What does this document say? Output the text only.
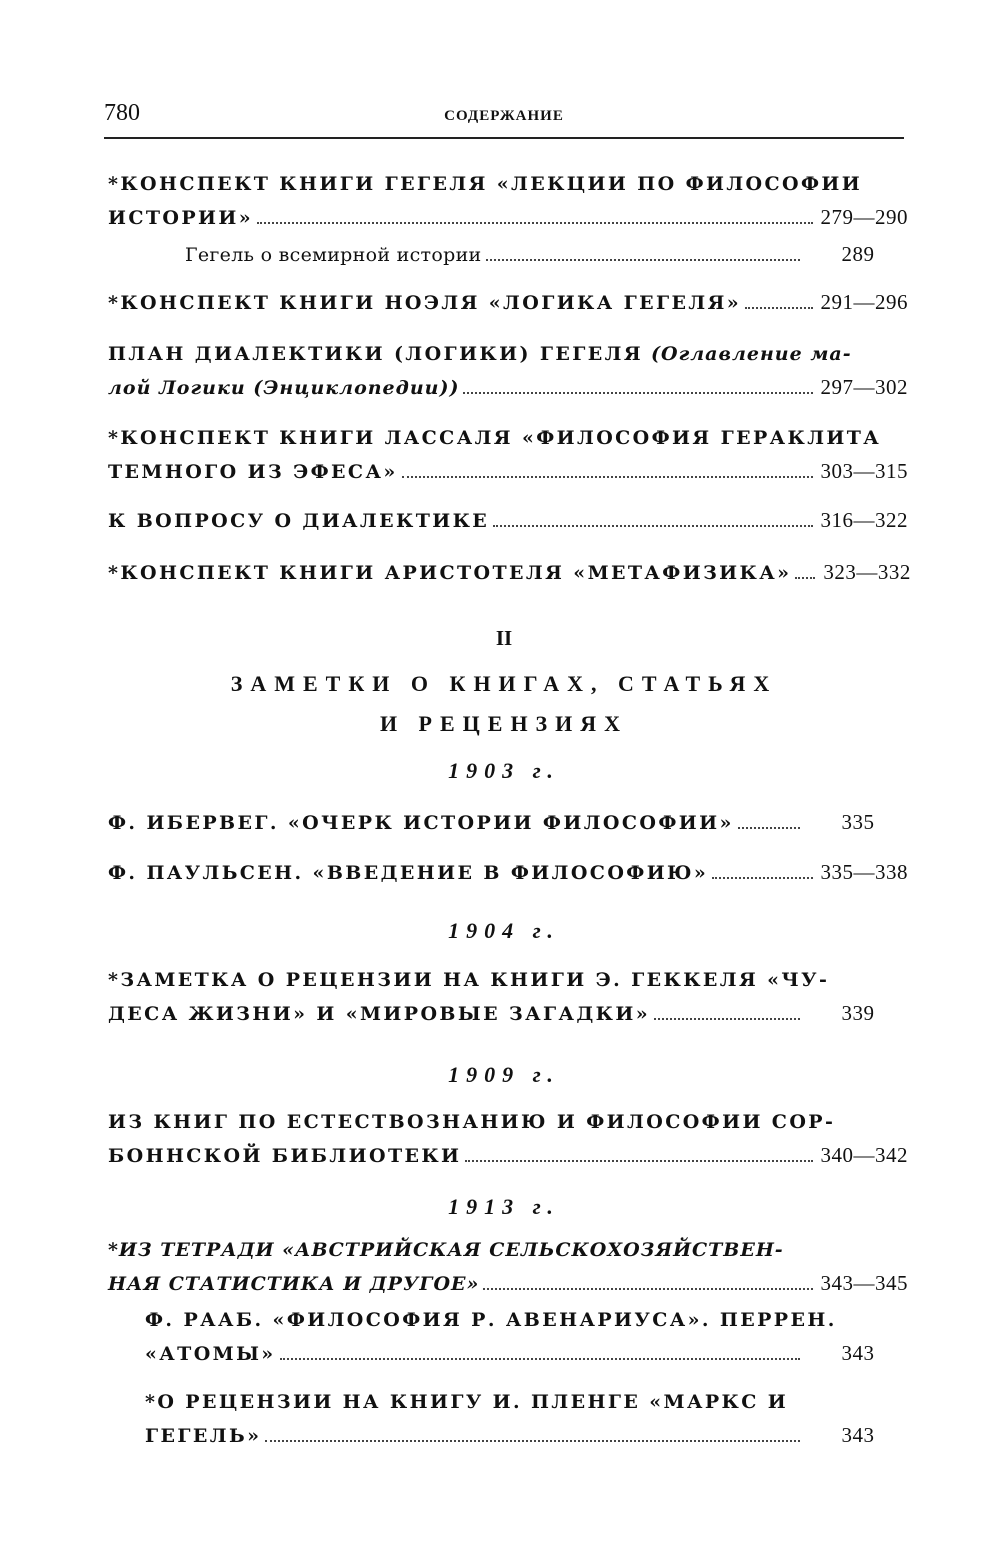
780	СОДЕРЖАНИЕ
*КОНСПЕКТ КНИГИ ГЕГЕЛЯ «ЛЕКЦИИ ПО ФИЛОСОФИИ
ИСТОРИИ»	279—290
Гегель о всемирной истории	289
*КОНСПЕКТ КНИГИ НОЭЛЯ «ЛОГИКА ГЕГЕЛЯ»	291—296
ПЛАН ДИАЛЕКТИКИ (ЛОГИКИ) ГЕГЕЛЯ (Оглавление ма-
лой Логики (Энциклопедии))	297—302
*КОНСПЕКТ КНИГИ ЛАССАЛЯ «ФИЛОСОФИЯ ГЕРАКЛИТА
ТЕМНОГО ИЗ ЭФЕСА»	303—315
К ВОПРОСУ О ДИАЛЕКТИКЕ	316—322
*КОНСПЕКТ КНИГИ АРИСТОТЕЛЯ «МЕТАФИЗИКА» 323—332
II
ЗАМЕТКИ О КНИГАХ, СТАТЬЯХ
И РЕЦЕНЗИЯХ
1903 г.
Ф. ИБЕРВЕГ. «ОЧЕРК ИСТОРИИ ФИЛОСОФИИ»	335
Ф. ПАУЛЬСЕН. «ВВЕДЕНИЕ В ФИЛОСОФИЮ»	335—338
1904 г.
*ЗАМЕТКА О РЕЦЕНЗИИ НА КНИГИ Э. ГЕККЕЛЯ «ЧУ-
ДЕСА ЖИЗНИ» И «МИРОВЫЕ ЗАГАДКИ»	339
1909 г.
ИЗ КНИГ ПО ЕСТЕСТВОЗНАНИЮ И ФИЛОСОФИИ СОР-
БОННСКОЙ БИБЛИОТЕКИ	340—342
1913 г.
*ИЗ ТЕТРАДИ «АВСТРИЙСКАЯ СЕЛЬСКОХОЗЯЙСТВЕН-
НАЯ СТАТИСТИКА И ДРУГОЕ»	343—345
Ф. РААБ. «ФИЛОСОФИЯ Р. АВЕНАРИУСА». ПЕРРЕН.
«АТОМЫ»	343
*О РЕЦЕНЗИИ НА КНИГУ И. ПЛЕНГЕ «МАРКС И
ГЕГЕЛЬ»	343
